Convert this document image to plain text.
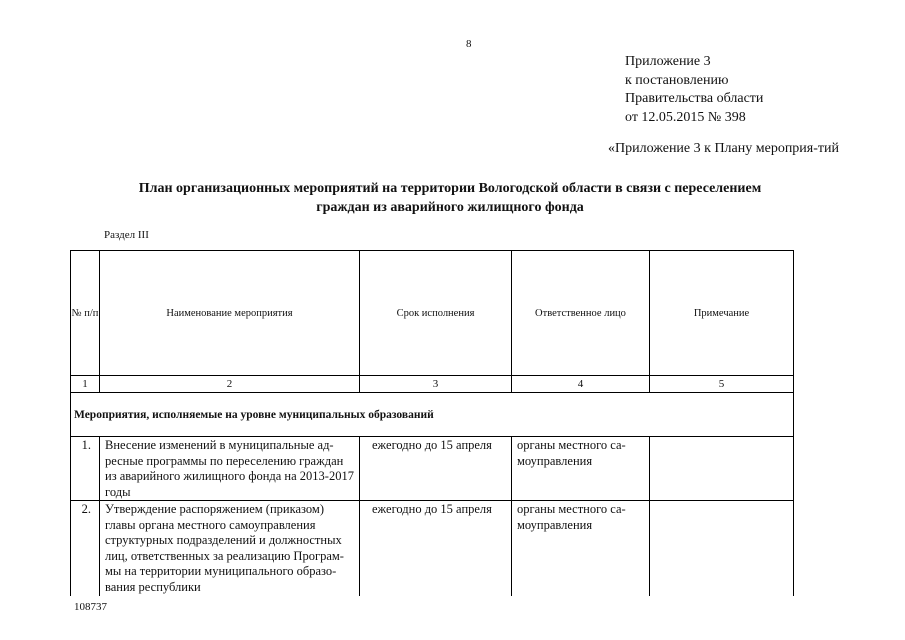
8
Приложение 3
к постановлению
Правительства области
от 12.05.2015 № 398
«Приложение 3 к Плану мероприя-тий
План организационных мероприятий на территории Вологодской области в связи с переселением
граждан из аварийного жилищного фонда
Раздел III
№ п/п	Наименование мероприятия	Срок исполнения	Ответственное лицо	Примечание
1	2	3	4	5
Мероприятия, исполняемые на уровне муниципальных образований				
1.	Внесение изменений в муниципальные ад-ресные программы по переселению граждан из аварийного жилищного фонда на 2013-2017 годы	ежегодно до 15 апреля	органы местного са-моуправления	
2.	Утверждение распоряжением (приказом) главы органа местного самоуправления структурных подразделений и должностных лиц, ответственных за реализацию Програм-мы на территории муниципального образо-вания республики	ежегодно до 15 апреля	органы местного са-моуправления	
108737
